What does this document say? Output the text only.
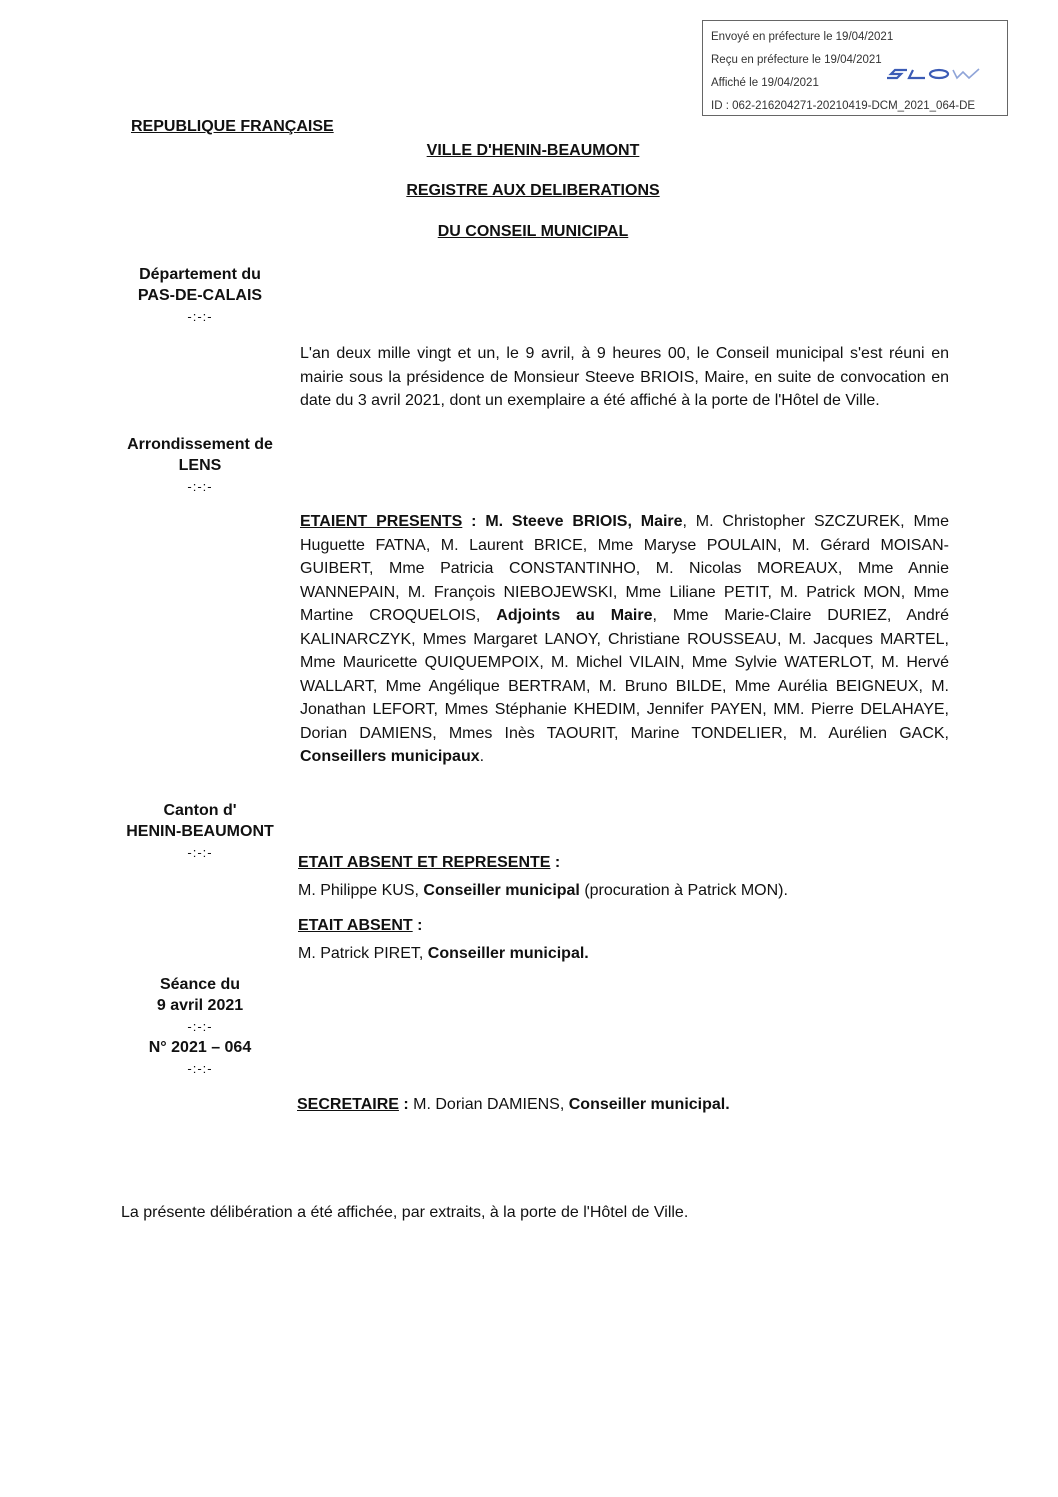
Envoyé en préfecture le 19/04/2021
Reçu en préfecture le 19/04/2021
Affiché le 19/04/2021
ID : 062-216204271-20210419-DCM_2021_064-DE
REPUBLIQUE FRANÇAISE
VILLE D'HENIN-BEAUMONT
REGISTRE AUX DELIBERATIONS
DU CONSEIL MUNICIPAL
Département du
PAS-DE-CALAIS
-:-:-
Arrondissement de
LENS
-:-:-
Canton d'
HENIN-BEAUMONT
-:-:-
Séance du
9 avril 2021
-:-:-
N° 2021 – 064
-:-:-
L'an deux mille vingt et un, le 9 avril, à 9 heures 00, le Conseil municipal s'est réuni en mairie sous la présidence de Monsieur Steeve BRIOIS, Maire, en suite de convocation en date du 3 avril 2021, dont un exemplaire a été affiché à la porte de l'Hôtel de Ville.
ETAIENT PRESENTS : M. Steeve BRIOIS, Maire, M. Christopher SZCZUREK, Mme Huguette FATNA, M. Laurent BRICE, Mme Maryse POULAIN, M. Gérard MOISAN-GUIBERT, Mme Patricia CONSTANTINHO, M. Nicolas MOREAUX, Mme Annie WANNEPAIN, M. François NIEBOJEWSKI, Mme Liliane PETIT, M. Patrick MON, Mme Martine CROQUELOIS, Adjoints au Maire, Mme Marie-Claire DURIEZ, André KALINARCZYK, Mmes Margaret LANOY, Christiane ROUSSEAU, M. Jacques MARTEL, Mme Mauricette QUIQUEMPOIX, M. Michel VILAIN, Mme Sylvie WATERLOT, M. Hervé WALLART, Mme Angélique BERTRAM, M. Bruno BILDE, Mme Aurélia BEIGNEUX, M. Jonathan LEFORT, Mmes Stéphanie KHEDIM, Jennifer PAYEN, MM. Pierre DELAHAYE, Dorian DAMIENS, Mmes Inès TAOURIT, Marine TONDELIER, M. Aurélien GACK, Conseillers municipaux.
ETAIT ABSENT ET REPRESENTE :
M. Philippe KUS, Conseiller municipal (procuration à Patrick MON).
ETAIT ABSENT :
M. Patrick PIRET, Conseiller municipal.
SECRETAIRE : M. Dorian DAMIENS, Conseiller municipal.
La présente délibération a été affichée, par extraits, à la porte de l'Hôtel de Ville.
